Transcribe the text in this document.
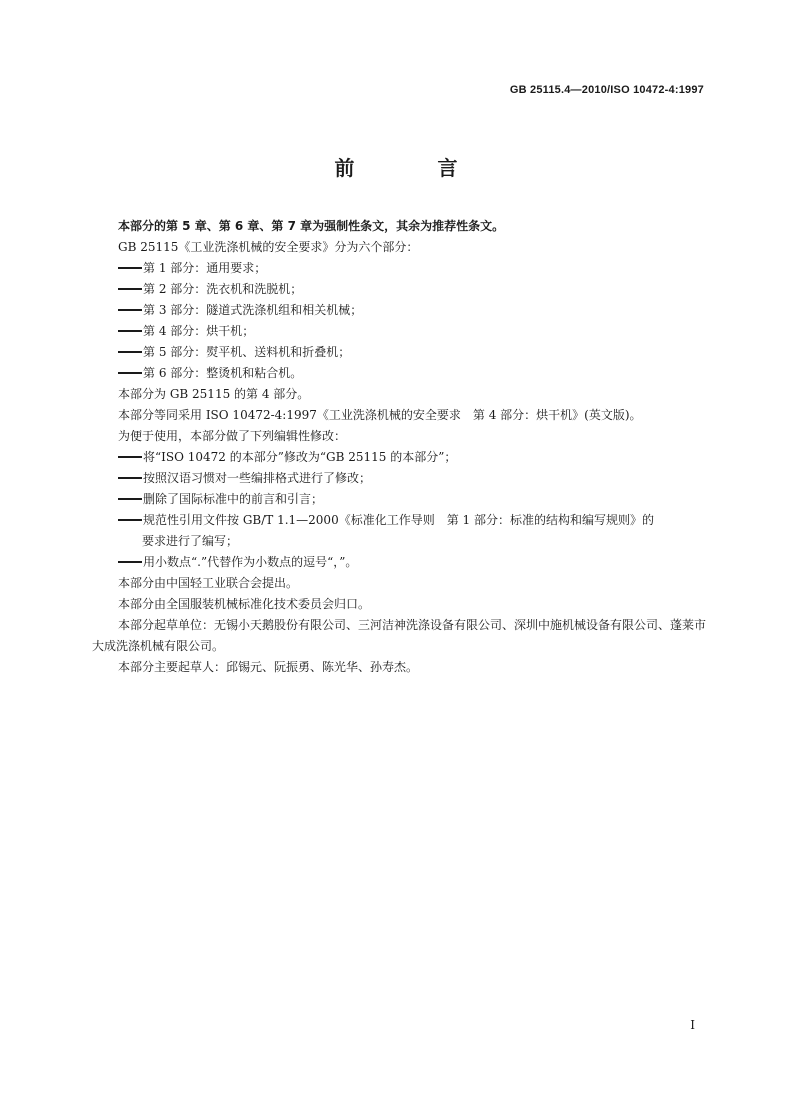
GB 25115.4—2010/ISO 10472-4:1997
前 言

本部分的第 5 章、第 6 章、第 7 章为强制性条文，其余为推荐性条文。

GB 25115《工业洗涤机械的安全要求》分为六个部分：

第 1 部分：通用要求；

第 2 部分：洗衣机和洗脱机；

第 3 部分：隧道式洗涤机组和相关机械；

第 4 部分：烘干机；

第 5 部分：熨平机、送料机和折叠机；

第 6 部分：整烫机和粘合机。

本部分为 GB 25115 的第 4 部分。

本部分等同采用 ISO 10472-4:1997《工业洗涤机械的安全要求　第 4 部分：烘干机》(英文版)。

为便于使用，本部分做了下列编辑性修改：

将“ISO 10472 的本部分”修改为“GB 25115 的本部分”；

按照汉语习惯对一些编排格式进行了修改；

删除了国际标准中的前言和引言；

规范性引用文件按 GB/T 1.1—2000《标准化工作导则　第 1 部分：标准的结构和编写规则》的
要求进行了编写；

用小数点“.”代替作为小数点的逗号“，”。

本部分由中国轻工业联合会提出。

本部分由全国服装机械标准化技术委员会归口。

本部分起草单位：无锡小天鹅股份有限公司、三河洁神洗涤设备有限公司、深圳中施机械设备有限公司、蓬莱市大成洗涤机械有限公司。

本部分主要起草人：邱锡元、阮振勇、陈光华、孙寿杰。

I
